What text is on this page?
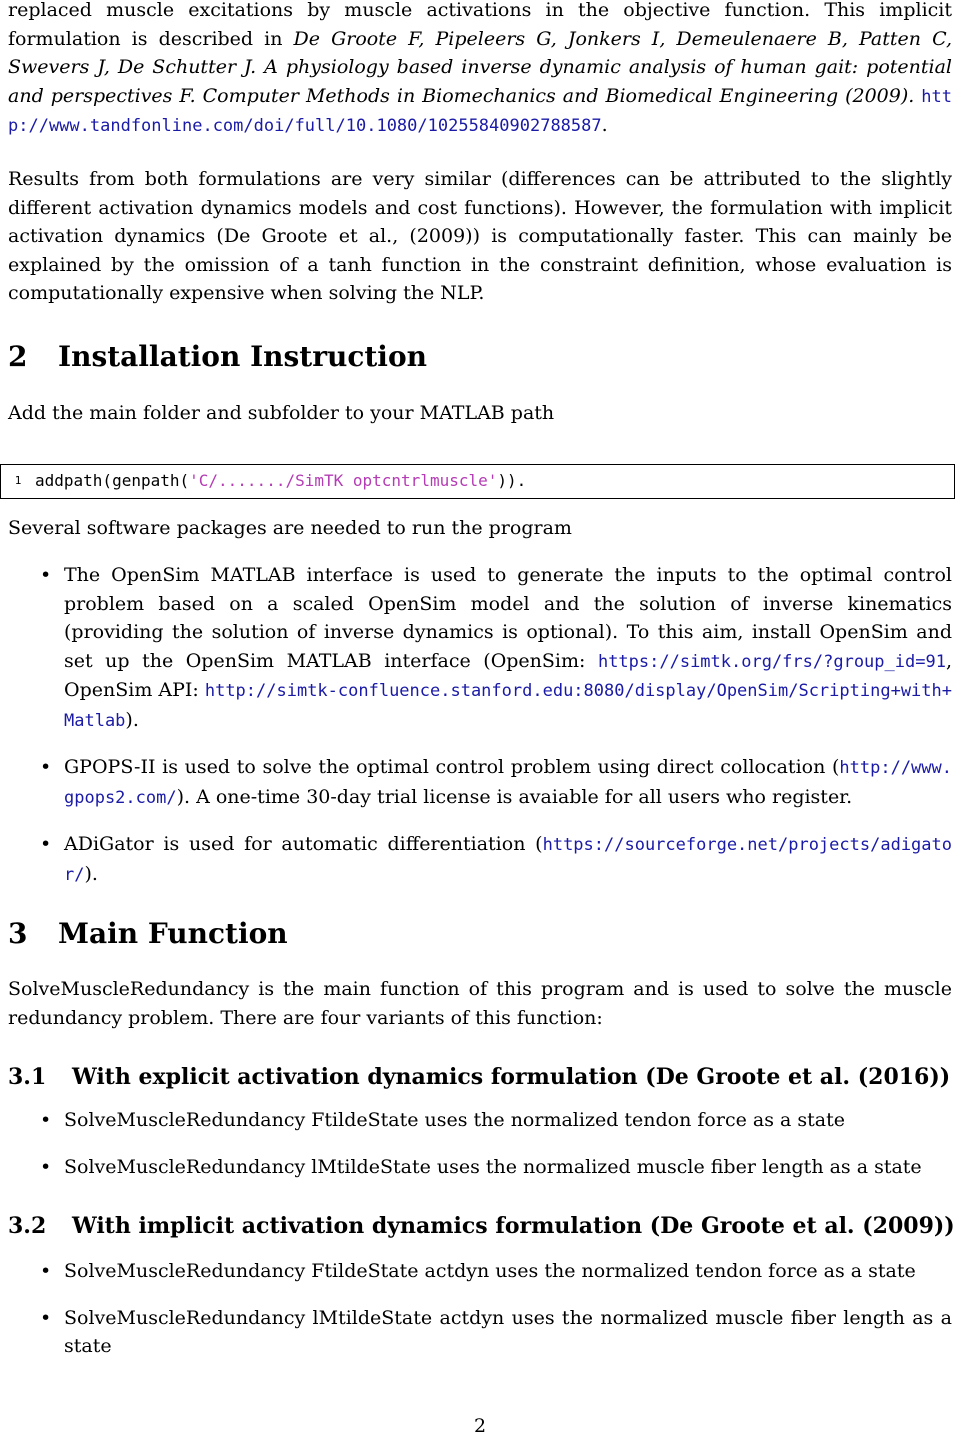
replaced muscle excitations by muscle activations in the objective function. This implicit formulation is described in De Groote F, Pipeleers G, Jonkers I, Demeulenaere B, Patten C, Swevers J, De Schutter J. A physiology based inverse dynamic analysis of human gait: potential and perspectives F. Computer Methods in Biomechanics and Biomedical Engineering (2009). http://www.tandfonline.com/doi/full/10.1080/10255840902788587.

Results from both formulations are very similar (differences can be attributed to the slightly different activation dynamics models and cost functions). However, the formulation with implicit activation dynamics (De Groote et al., (2009)) is computationally faster. This can mainly be explained by the omission of a tanh function in the constraint definition, whose evaluation is computationally expensive when solving the NLP.

2 Installation Instruction

Add the main folder and subfolder to your MATLAB path

1 addpath(genpath('C/......./SimTK optcntrlmuscle')).

Several software packages are needed to run the program

• The OpenSim MATLAB interface is used to generate the inputs to the optimal control problem based on a scaled OpenSim model and the solution of inverse kinematics (providing the solution of inverse dynamics is optional). To this aim, install OpenSim and set up the OpenSim MATLAB interface (OpenSim: https://simtk.org/frs/?group_id=91, OpenSim API: http://simtk-confluence.stanford.edu:8080/display/OpenSim/Scripting+with+Matlab).
• GPOPS-II is used to solve the optimal control problem using direct collocation (http://www.gpops2.com/). A one-time 30-day trial license is avaiable for all users who register.
• ADiGator is used for automatic differentiation (https://sourceforge.net/projects/adigator/).
3 Main Function

SolveMuscleRedundancy is the main function of this program and is used to solve the muscle redundancy problem. There are four variants of this function:

3.1 With explicit activation dynamics formulation (De Groote et al. (2016))
• SolveMuscleRedundancy FtildeState uses the normalized tendon force as a state
• SolveMuscleRedundancy lMtildeState uses the normalized muscle fiber length as a state
3.2 With implicit activation dynamics formulation (De Groote et al. (2009))
• SolveMuscleRedundancy FtildeState actdyn uses the normalized tendon force as a state
• SolveMuscleRedundancy lMtildeState actdyn uses the normalized muscle fiber length as a state
2
